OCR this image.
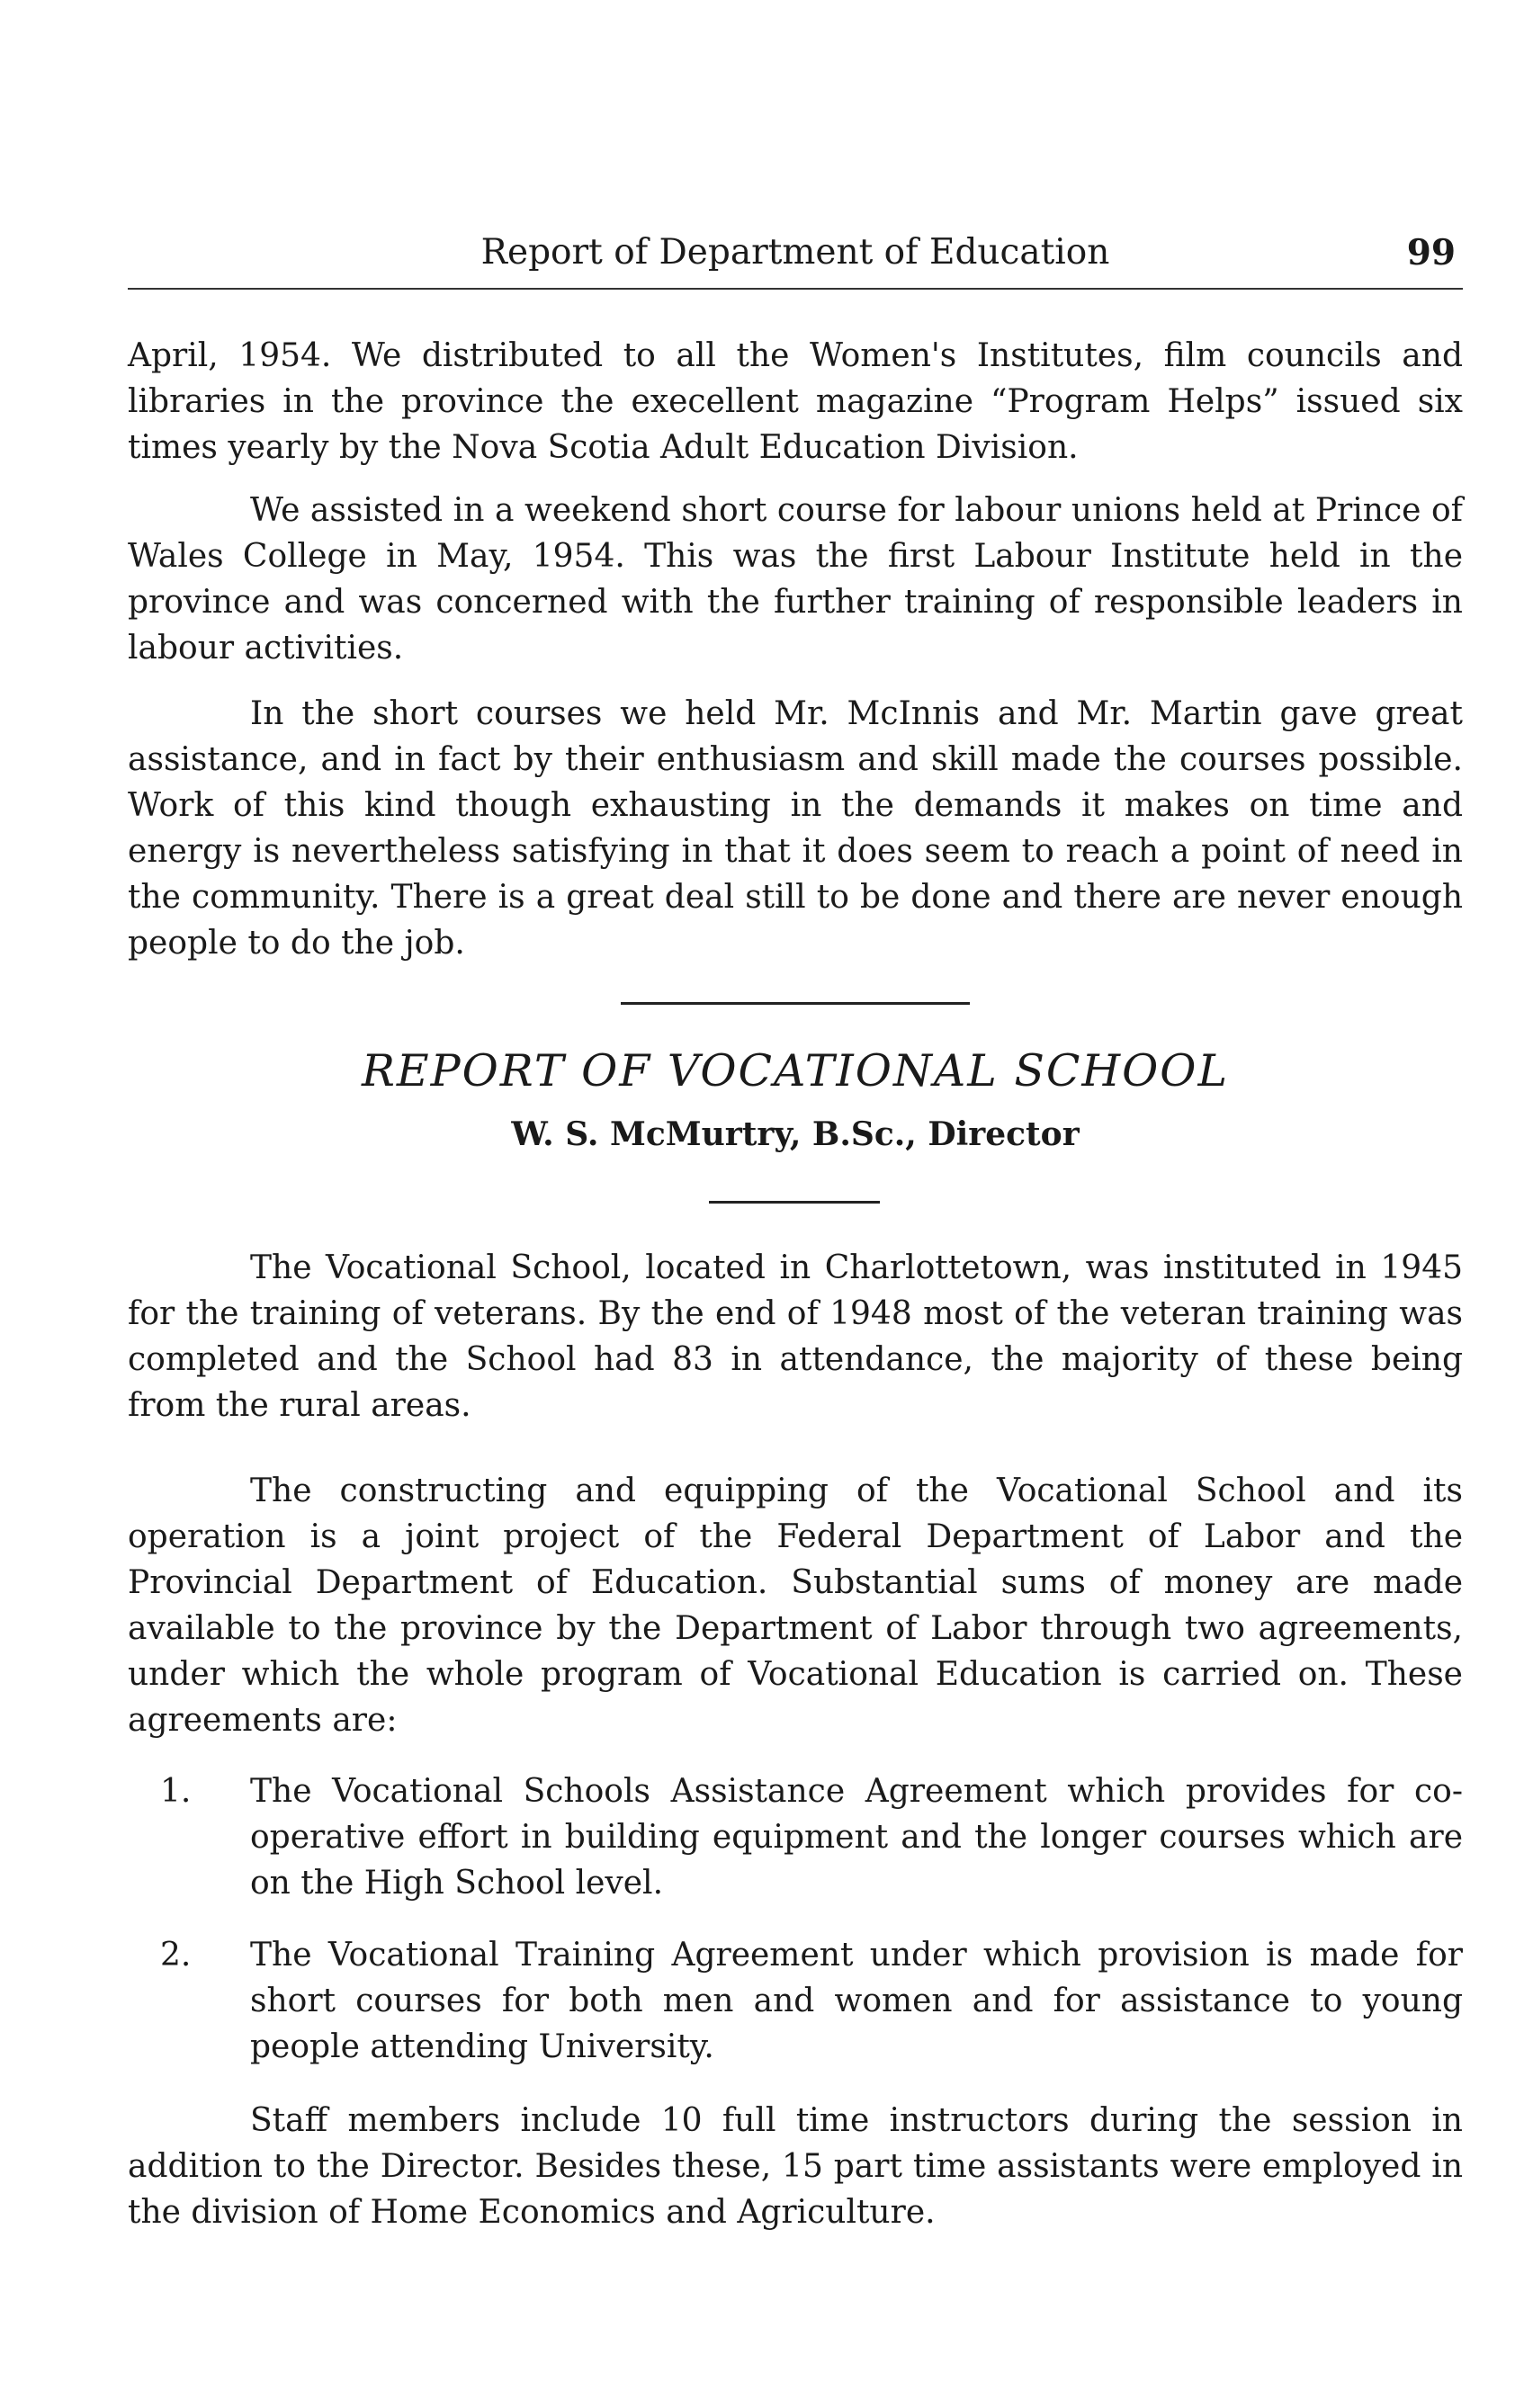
Report of Department of Education	99

April, 1954. We distributed to all the Women's Institutes, film councils and libraries in the province the execellent magazine “Program Helps” issued six times yearly by the Nova Scotia Adult Education Division.

We assisted in a weekend short course for labour unions held at Prince of Wales College in May, 1954. This was the first Labour Institute held in the province and was concerned with the further training of responsible leaders in labour activities.

In the short courses we held Mr. McInnis and Mr. Martin gave great assistance, and in fact by their enthusiasm and skill made the courses possible. Work of this kind though exhausting in the demands it makes on time and energy is nevertheless satisfying in that it does seem to reach a point of need in the community. There is a great deal still to be done and there are never enough people to do the job.

REPORT OF VOCATIONAL SCHOOL
W. S. McMurtry, B.Sc., Director

The Vocational School, located in Charlottetown, was instituted in 1945 for the training of veterans. By the end of 1948 most of the veteran training was completed and the School had 83 in attendance, the majority of these being from the rural areas.

The constructing and equipping of the Vocational School and its operation is a joint project of the Federal Department of Labor and the Provincial Department of Education. Substantial sums of money are made available to the province by the Department of Labor through two agreements, under which the whole program of Vocational Education is carried on. These agreements are:

1. The Vocational Schools Assistance Agreement which provides for co-operative effort in building equipment and the longer courses which are on the High School level.
2. The Vocational Training Agreement under which provision is made for short courses for both men and women and for assistance to young people attending University.

Staff members include 10 full time instructors during the session in addition to the Director. Besides these, 15 part time assistants were employed in the division of Home Economics and Agriculture.
